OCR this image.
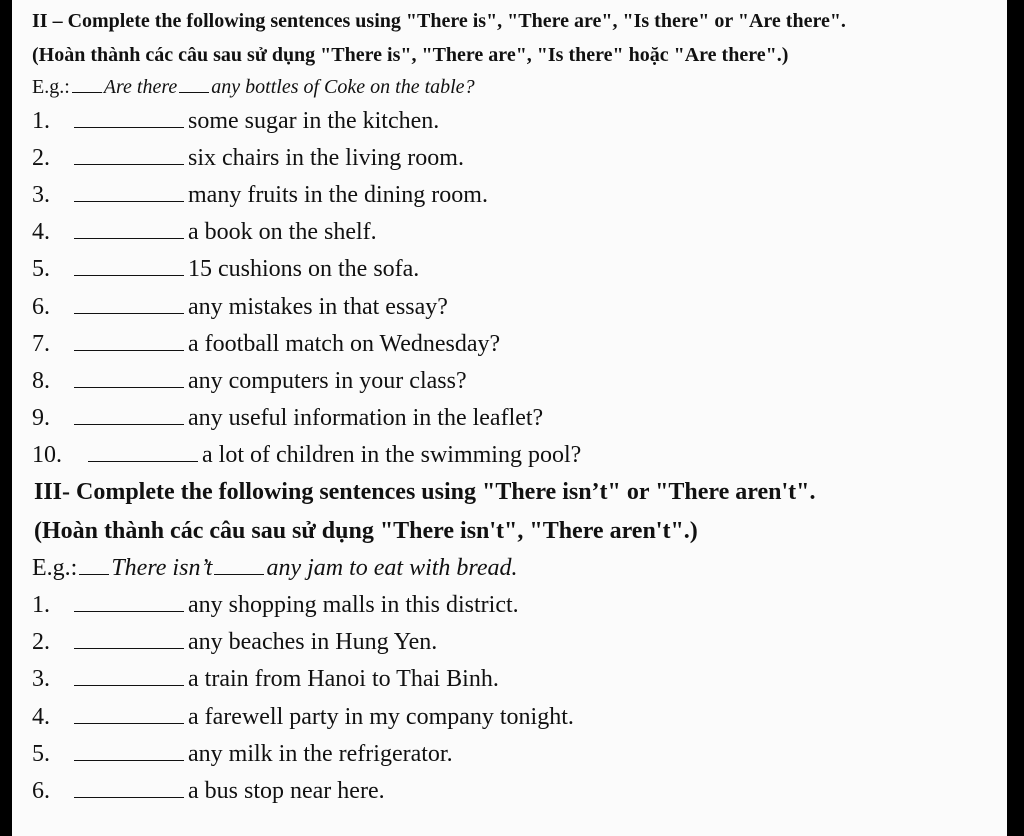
II – Complete the following sentences using "There is", "There are", "Is there" or "Are there".
(Hoàn thành các câu sau sử dụng "There is", "There are", "Is there" hoặc "Are there".)
E.g.: Are there any bottles of Coke on the table?
1.	some sugar in the kitchen.
2.	six chairs in the living room.
3.	many fruits in the dining room.
4.	a book on the shelf.
5.	15 cushions on the sofa.
6.	any mistakes in that essay?
7.	a football match on Wednesday?
8.	any computers in your class?
9.	any useful information in the leaflet?
10.	a lot of children in the swimming pool?
III- Complete the following sentences using "There isn’t" or "There aren't".
(Hoàn thành các câu sau sử dụng "There isn't", "There aren't".)
E.g.: There isn’t any jam to eat with bread.
1.	any shopping malls in this district.
2.	any beaches in Hung Yen.
3.	a train from Hanoi to Thai Binh.
4.	a farewell party in my company tonight.
5.	any milk in the refrigerator.
6.	a bus stop near here.
